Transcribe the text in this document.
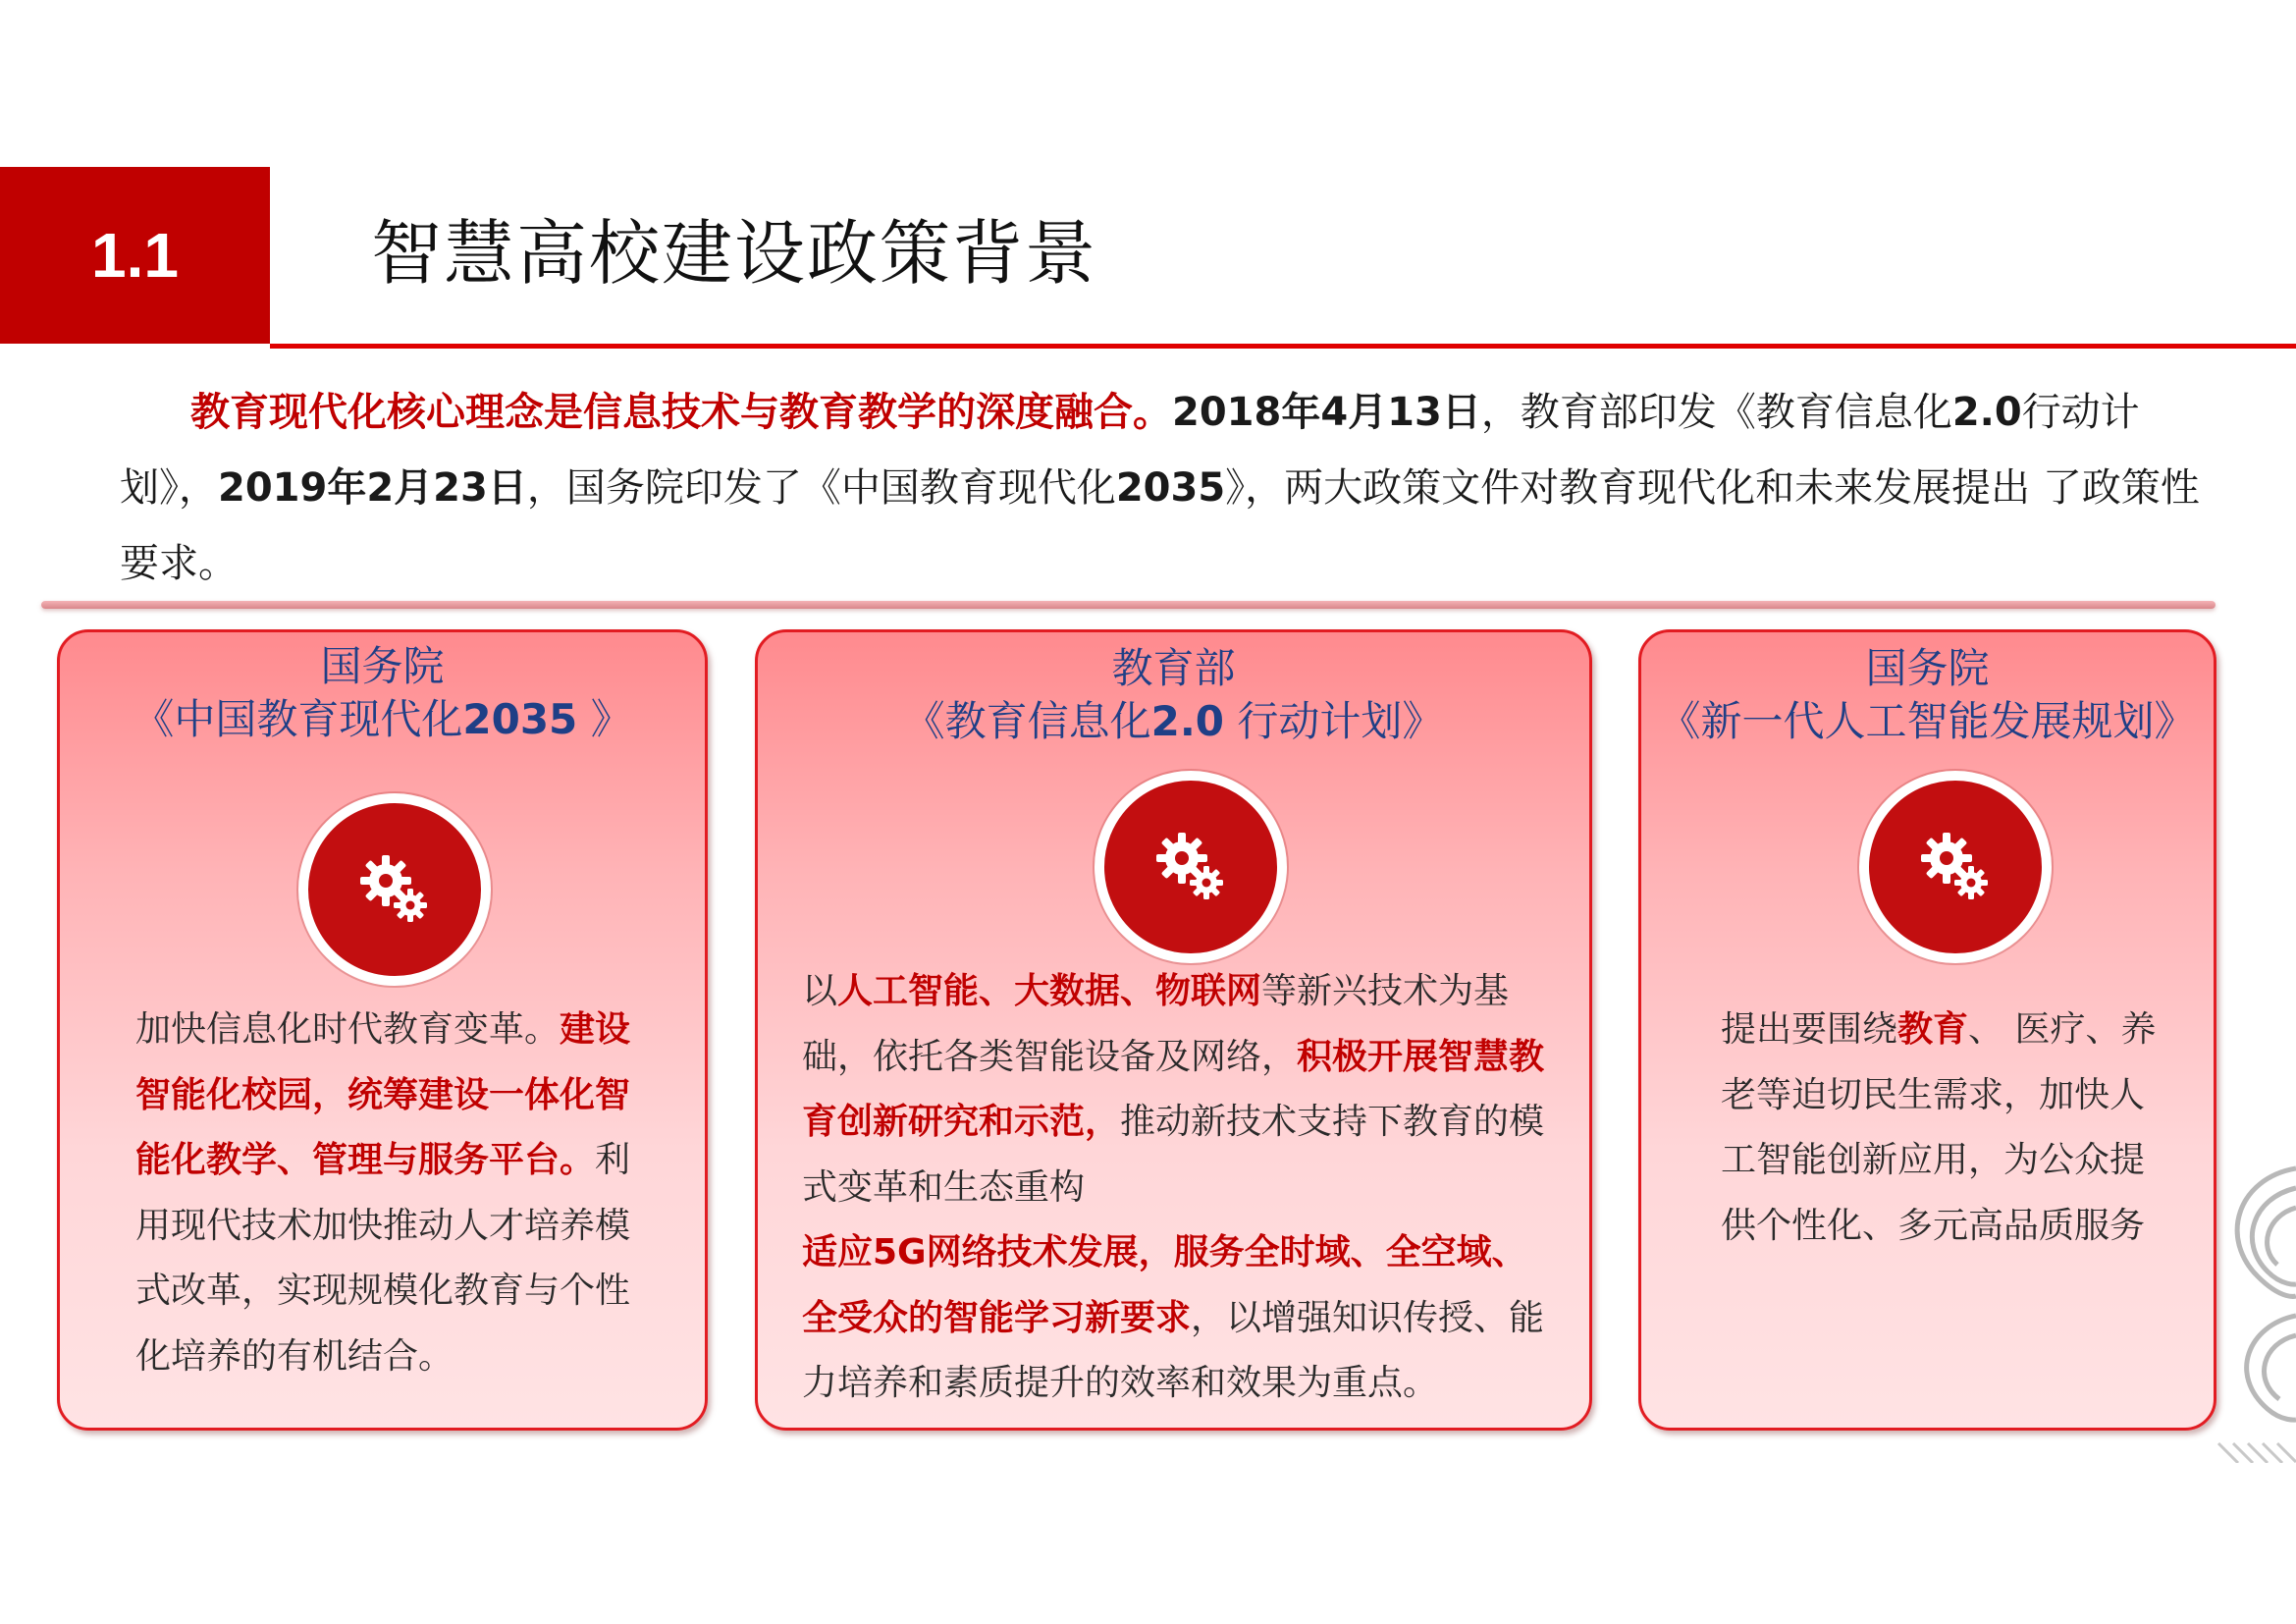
1.1	智慧高校建设政策背景
教育现代化核心理念是信息技术与教育教学的深度融合。2018年4月13日，教育部印发《教育信息化2.0行动计划》，2019年2月23日，国务院印发了《中国教育现代化2035》，两大政策文件对教育现代化和未来发展提出 了政策性要求。
国务院
《中国教育现代化2035 》
加快信息化时代教育变革。建设智能化校园，统筹建设一体化智能化教学、管理与服务平台。利用现代技术加快推动人才培养模式改革，实现规模化教育与个性化培养的有机结合。
教育部
《教育信息化2.0 行动计划》
以人工智能、大数据、物联网等新兴技术为基础，依托各类智能设备及网络，积极开展智慧教育创新研究和示范，推动新技术支持下教育的模式变革和生态重构
适应5G网络技术发展，服务全时域、全空域、全受众的智能学习新要求，以增强知识传授、能力培养和素质提升的效率和效果为重点。
国务院
《新一代人工智能发展规划》
提出要围绕教育、 医疗、养老等迫切民生需求，加快人工智能创新应用，为公众提供个性化、多元高品质服务
